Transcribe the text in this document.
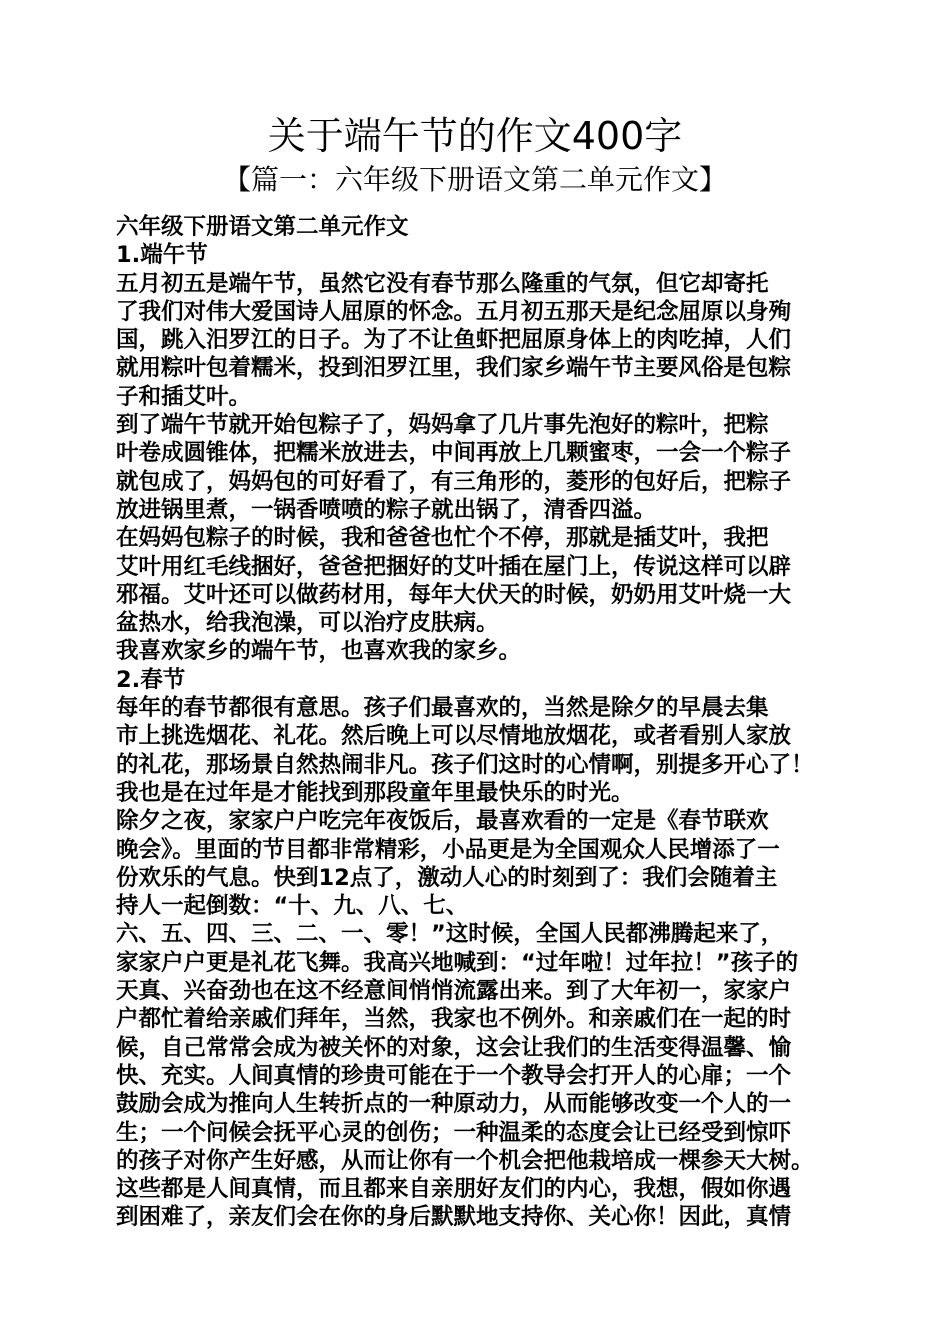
关于端午节的作文400字
【篇一：六年级下册语文第二单元作文】
六年级下册语文第二单元作文
1.端午节
五月初五是端午节，虽然它没有春节那么隆重的气氛，但它却寄托
了我们对伟大爱国诗人屈原的怀念。五月初五那天是纪念屈原以身殉
国，跳入汨罗江的日子。为了不让鱼虾把屈原身体上的肉吃掉，人们
就用粽叶包着糯米，投到汨罗江里，我们家乡端午节主要风俗是包粽
子和插艾叶。
到了端午节就开始包粽子了，妈妈拿了几片事先泡好的粽叶，把粽
叶卷成圆锥体，把糯米放进去，中间再放上几颗蜜枣，一会一个粽子
就包成了，妈妈包的可好看了，有三角形的，菱形的包好后，把粽子
放进锅里煮，一锅香喷喷的粽子就出锅了，清香四溢。
在妈妈包粽子的时候，我和爸爸也忙个不停，那就是插艾叶，我把
艾叶用红毛线捆好，爸爸把捆好的艾叶插在屋门上，传说这样可以辟
邪福。艾叶还可以做药材用，每年大伏天的时候，奶奶用艾叶烧一大
盆热水，给我泡澡，可以治疗皮肤病。
我喜欢家乡的端午节，也喜欢我的家乡。
2.春节
每年的春节都很有意思。孩子们最喜欢的，当然是除夕的早晨去集
市上挑选烟花、礼花。然后晚上可以尽情地放烟花，或者看别人家放
的礼花，那场景自然热闹非凡。孩子们这时的心情啊，别提多开心了！
我也是在过年是才能找到那段童年里最快乐的时光。
除夕之夜，家家户户吃完年夜饭后，最喜欢看的一定是《春节联欢
晚会》。里面的节目都非常精彩，小品更是为全国观众人民增添了一
份欢乐的气息。快到12点了，激动人心的时刻到了：我们会随着主
持人一起倒数：“十、九、八、七、
六、五、四、三、二、一、零！”这时候，全国人民都沸腾起来了，
家家户户更是礼花飞舞。我高兴地喊到：“过年啦！过年拉！”孩子的
天真、兴奋劲也在这不经意间悄悄流露出来。到了大年初一，家家户
户都忙着给亲戚们拜年，当然，我家也不例外。和亲戚们在一起的时
候，自己常常会成为被关怀的对象，这会让我们的生活变得温馨、愉
快、充实。人间真情的珍贵可能在于一个教导会打开人的心扉；一个
鼓励会成为推向人生转折点的一种原动力，从而能够改变一个人的一
生；一个问候会抚平心灵的创伤；一种温柔的态度会让已经受到惊吓
的孩子对你产生好感，从而让你有一个机会把他栽培成一棵参天大树。
这些都是人间真情，而且都来自亲朋好友们的内心，我想，假如你遇
到困难了，亲友们会在你的身后默默地支持你、关心你！因此，真情
